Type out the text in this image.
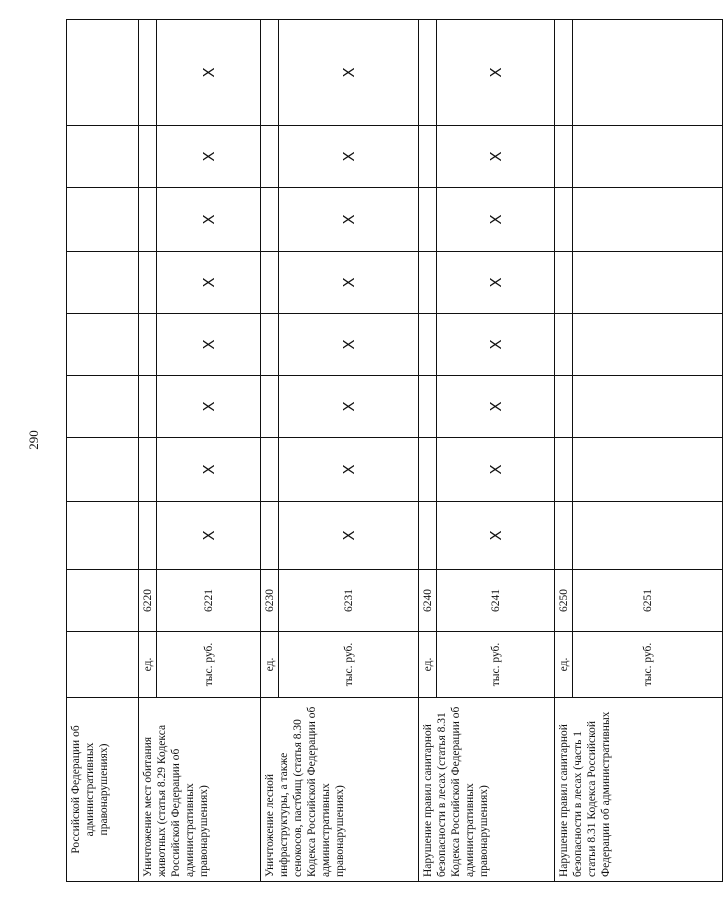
290
Российской Федерации об административных правонарушениях)										
Уничтожение мест обитания животных (статья 8.29 Кодекса Российской Федерации об административных правонарушениях)	ед.	6220								
	тыс. руб.	6221	X	X	X	X	X	X	X	X
Уничтожение лесной инфраструктуры, а также сенокосов, пастбищ (статья 8.30 Кодекса Российской Федерации об административных правонарушениях)	ед.	6230								
	тыс. руб.	6231	X	X	X	X	X	X	X	X
Нарушение правил санитарной безопасности в лесах (статья 8.31 Кодекса Российской Федерации об административных правонарушениях)	ед.	6240								
	тыс. руб.	6241	X	X	X	X	X	X	X	X
Нарушение правил санитарной безопасности в лесах (часть 1 статьи 8.31 Кодекса Российской Федерации об административных	ед.	6250								
	тыс. руб.	6251								
